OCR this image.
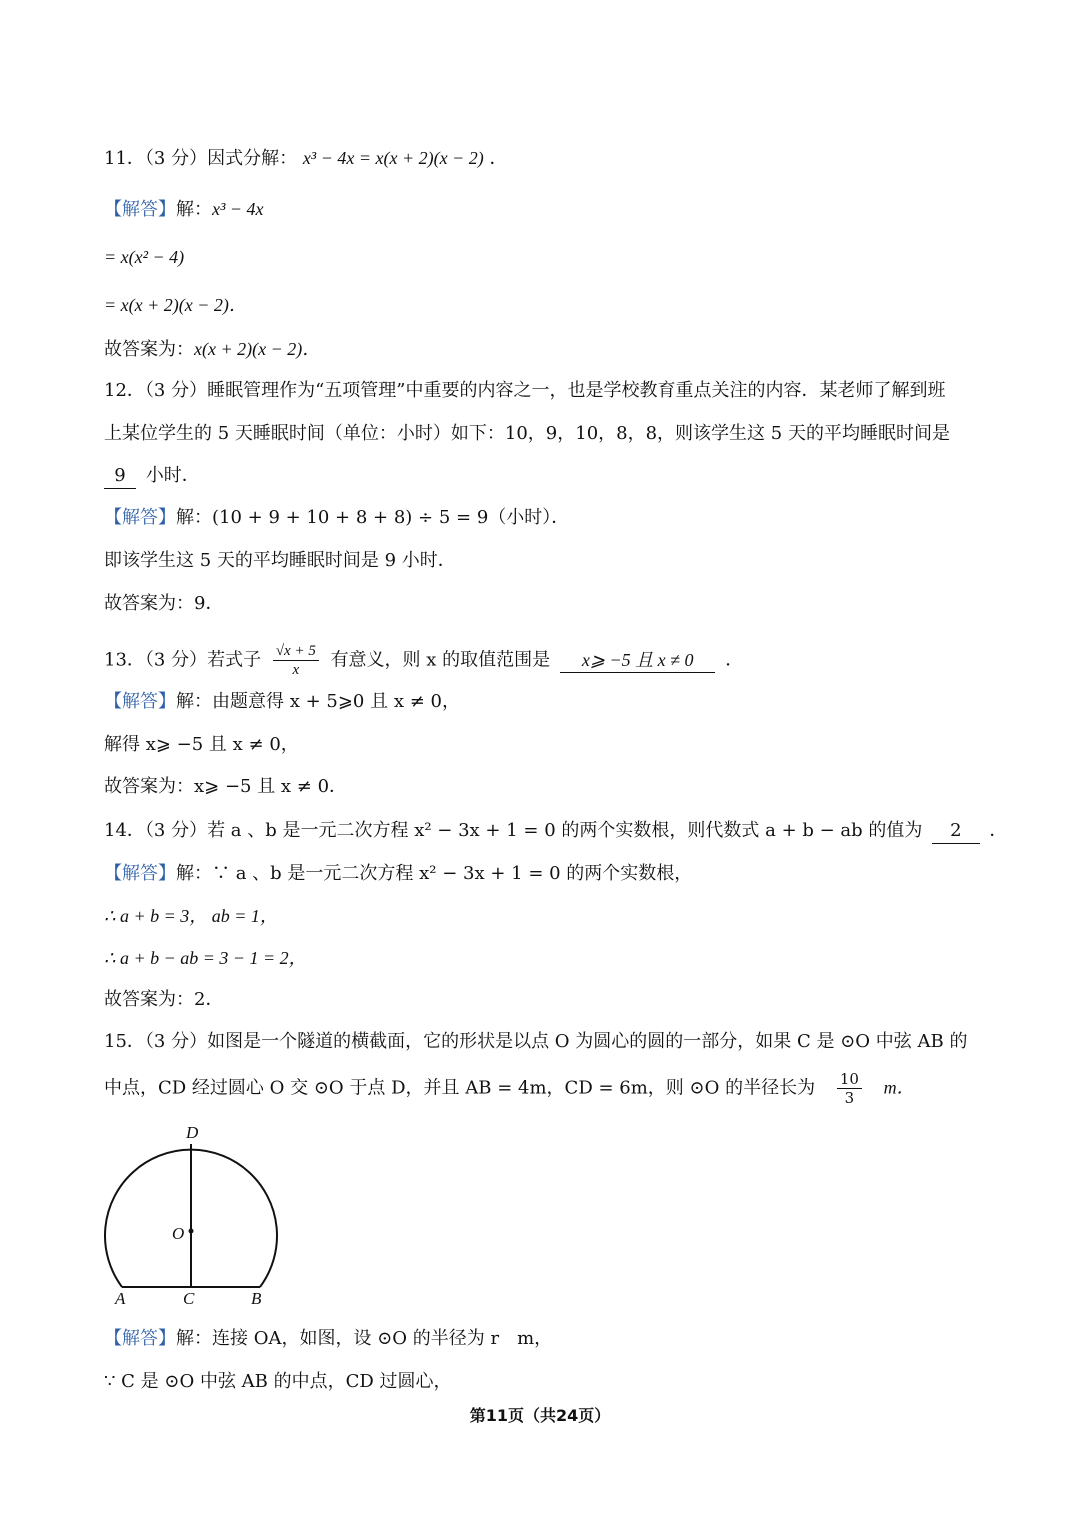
11．（3 分）因式分解： x³ − 4x = x(x + 2)(x − 2) ．
【解答】解：x³ − 4x
= x(x² − 4)
= x(x + 2)(x − 2)．
故答案为：x(x + 2)(x − 2)．
12．（3 分）睡眠管理作为“五项管理”中重要的内容之一，也是学校教育重点关注的内容．某老师了解到班
上某位学生的 5 天睡眠时间（单位：小时）如下：10，9，10，8，8，则该学生这 5 天的平均睡眠时间是
9 小时．
【解答】解：(10 + 9 + 10 + 8 + 8) ÷ 5 = 9（小时）．
即该学生这 5 天的平均睡眠时间是 9 小时．
故答案为：9．
13．（3 分）若式子 $\frac{√x + 5}{x}$ 有意义，则 x 的取值范围是 x⩾ −5 且 x ≠ 0 ．
【解答】解：由题意得 x + 5⩾0 且 x ≠ 0，
解得 x⩾ −5 且 x ≠ 0，
故答案为：x⩾ −5 且 x ≠ 0．
14．（3 分）若 a 、b 是一元二次方程 x² − 3x + 1 = 0 的两个实数根，则代数式 a + b − ab 的值为 2 ．
【解答】解：∵ a 、b 是一元二次方程 x² − 3x + 1 = 0 的两个实数根，
∴ a + b = 3， ab = 1，
∴ a + b − ab = 3 − 1 = 2，
故答案为：2．
15．（3 分）如图是一个隧道的横截面，它的形状是以点 O 为圆心的圆的一部分，如果 C 是 ⊙O 中弦 AB 的
中点，CD 经过圆心 O 交 ⊙O 于点 D，并且 AB = 4m，CD = 6m，则 ⊙O 的半径长为 $\frac{10}{3}$ m．
D
O
A	C	B
【解答】解：连接 OA，如图，设 ⊙O 的半径为 r　m，
∵ C 是 ⊙O 中弦 AB 的中点，CD 过圆心，
第11页（共24页）
